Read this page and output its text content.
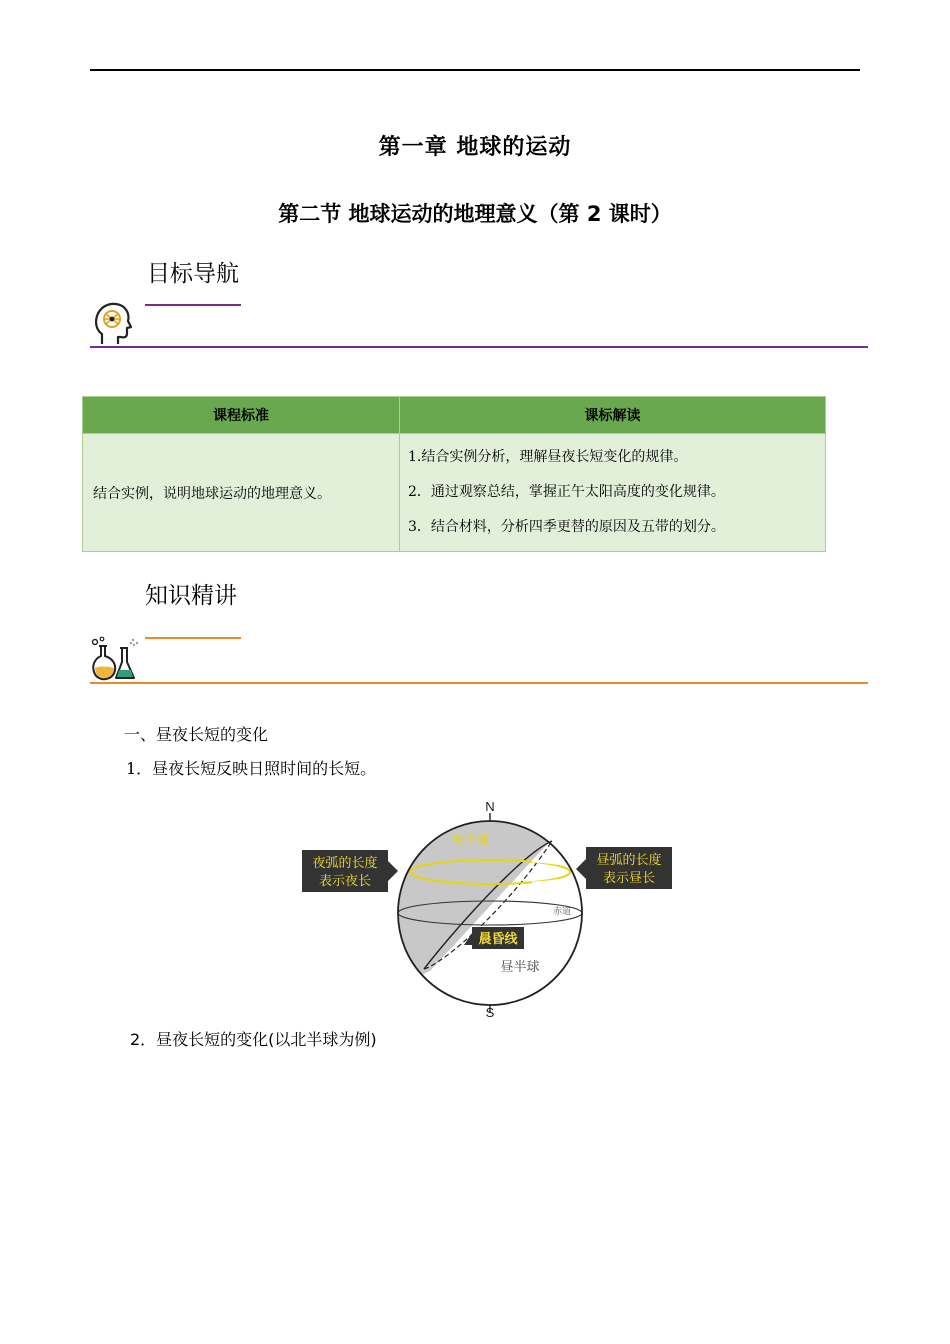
第一章 地球的运动
第二节 地球运动的地理意义（第 2 课时）
目标导航
课程标准	课标解读
结合实例，说明地球运动的地理意义。	1.结合实例分析，理解昼夜长短变化的规律。
2．通过观察总结，掌握正午太阳高度的变化规律。
3．结合材料，分析四季更替的原因及五带的划分。
知识精讲
一、昼夜长短的变化
1．昼夜长短反映日照时间的长短。
N
S
夜半球
昼半球
赤道
晨昏线
夜弧的长度
表示夜长
昼弧的长度
表示昼长
2．昼夜长短的变化(以北半球为例)
